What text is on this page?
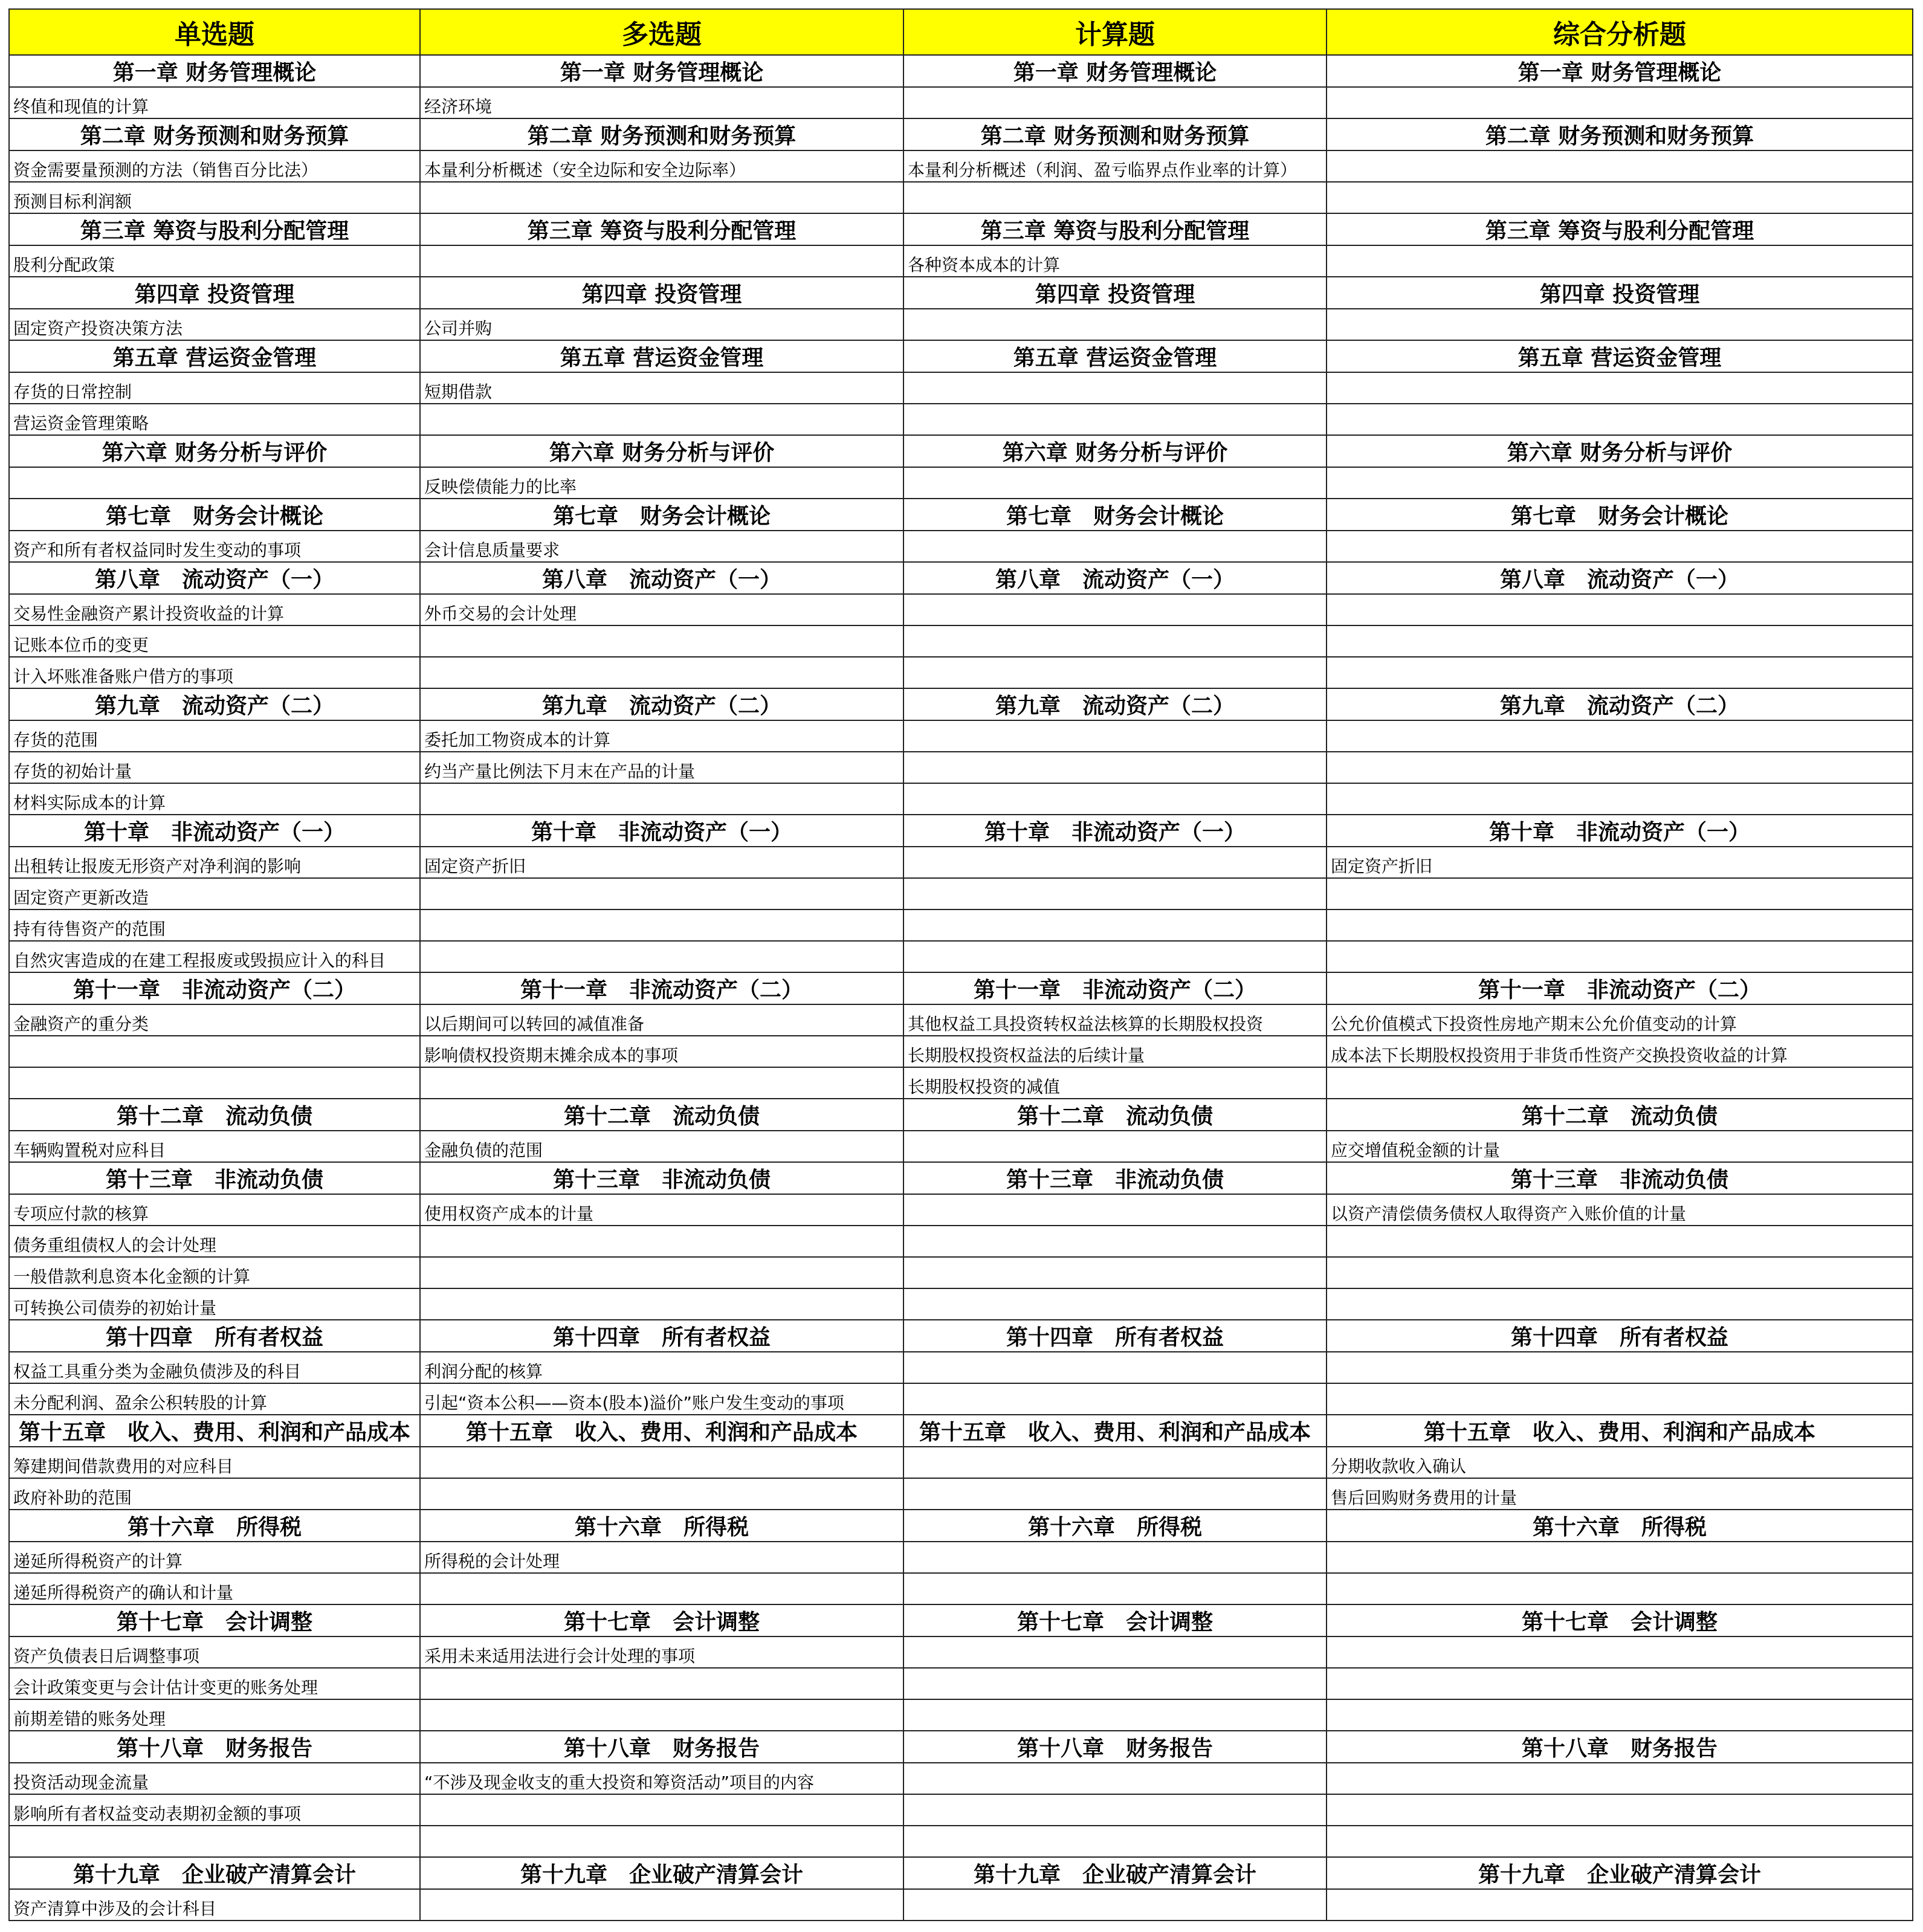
单选题	多选题	计算题	综合分析题
第一章 财务管理概论	第一章 财务管理概论	第一章 财务管理概论	第一章 财务管理概论
终值和现值的计算	经济环境		
第二章 财务预测和财务预算	第二章 财务预测和财务预算	第二章 财务预测和财务预算	第二章 财务预测和财务预算
资金需要量预测的方法（销售百分比法）	本量利分析概述（安全边际和安全边际率）	本量利分析概述（利润、盈亏临界点作业率的计算）	
预测目标利润额			
第三章 筹资与股利分配管理	第三章 筹资与股利分配管理	第三章 筹资与股利分配管理	第三章 筹资与股利分配管理
股利分配政策		各种资本成本的计算	
第四章 投资管理	第四章 投资管理	第四章 投资管理	第四章 投资管理
固定资产投资决策方法	公司并购		
第五章 营运资金管理	第五章 营运资金管理	第五章 营运资金管理	第五章 营运资金管理
存货的日常控制	短期借款		
营运资金管理策略			
第六章 财务分析与评价	第六章 财务分析与评价	第六章 财务分析与评价	第六章 财务分析与评价
	反映偿债能力的比率		
第七章　财务会计概论	第七章　财务会计概论	第七章　财务会计概论	第七章　财务会计概论
资产和所有者权益同时发生变动的事项	会计信息质量要求		
第八章　流动资产（一）	第八章　流动资产（一）	第八章　流动资产（一）	第八章　流动资产（一）
交易性金融资产累计投资收益的计算	外币交易的会计处理		
记账本位币的变更			
计入坏账准备账户借方的事项			
第九章　流动资产（二）	第九章　流动资产（二）	第九章　流动资产（二）	第九章　流动资产（二）
存货的范围	委托加工物资成本的计算		
存货的初始计量	约当产量比例法下月末在产品的计量		
材料实际成本的计算			
第十章　非流动资产（一）	第十章　非流动资产（一）	第十章　非流动资产（一）	第十章　非流动资产（一）
出租转让报废无形资产对净利润的影响	固定资产折旧		固定资产折旧
固定资产更新改造			
持有待售资产的范围			
自然灾害造成的在建工程报废或毁损应计入的科目			
第十一章　非流动资产（二）	第十一章　非流动资产（二）	第十一章　非流动资产（二）	第十一章　非流动资产（二）
金融资产的重分类	以后期间可以转回的减值准备	其他权益工具投资转权益法核算的长期股权投资	公允价值模式下投资性房地产期末公允价值变动的计算
	影响债权投资期末摊余成本的事项	长期股权投资权益法的后续计量	成本法下长期股权投资用于非货币性资产交换投资收益的计算
		长期股权投资的减值	
第十二章　流动负债	第十二章　流动负债	第十二章　流动负债	第十二章　流动负债
车辆购置税对应科目	金融负债的范围		应交增值税金额的计量
第十三章　非流动负债	第十三章　非流动负债	第十三章　非流动负债	第十三章　非流动负债
专项应付款的核算	使用权资产成本的计量		以资产清偿债务债权人取得资产入账价值的计量
债务重组债权人的会计处理			
一般借款利息资本化金额的计算			
可转换公司债券的初始计量			
第十四章　所有者权益	第十四章　所有者权益	第十四章　所有者权益	第十四章　所有者权益
权益工具重分类为金融负债涉及的科目	利润分配的核算		
未分配利润、盈余公积转股的计算	引起“资本公积——资本(股本)溢价”账户发生变动的事项		
第十五章　收入、费用、利润和产品成本	第十五章　收入、费用、利润和产品成本	第十五章　收入、费用、利润和产品成本	第十五章　收入、费用、利润和产品成本
筹建期间借款费用的对应科目			分期收款收入确认
政府补助的范围			售后回购财务费用的计量
第十六章　所得税	第十六章　所得税	第十六章　所得税	第十六章　所得税
递延所得税资产的计算	所得税的会计处理		
递延所得税资产的确认和计量			
第十七章　会计调整	第十七章　会计调整	第十七章　会计调整	第十七章　会计调整
资产负债表日后调整事项	采用未来适用法进行会计处理的事项		
会计政策变更与会计估计变更的账务处理			
前期差错的账务处理			
第十八章　财务报告	第十八章　财务报告	第十八章　财务报告	第十八章　财务报告
投资活动现金流量	“不涉及现金收支的重大投资和筹资活动”项目的内容		
影响所有者权益变动表期初金额的事项			

第十九章　企业破产清算会计	第十九章　企业破产清算会计	第十九章　企业破产清算会计	第十九章　企业破产清算会计
资产清算中涉及的会计科目			
